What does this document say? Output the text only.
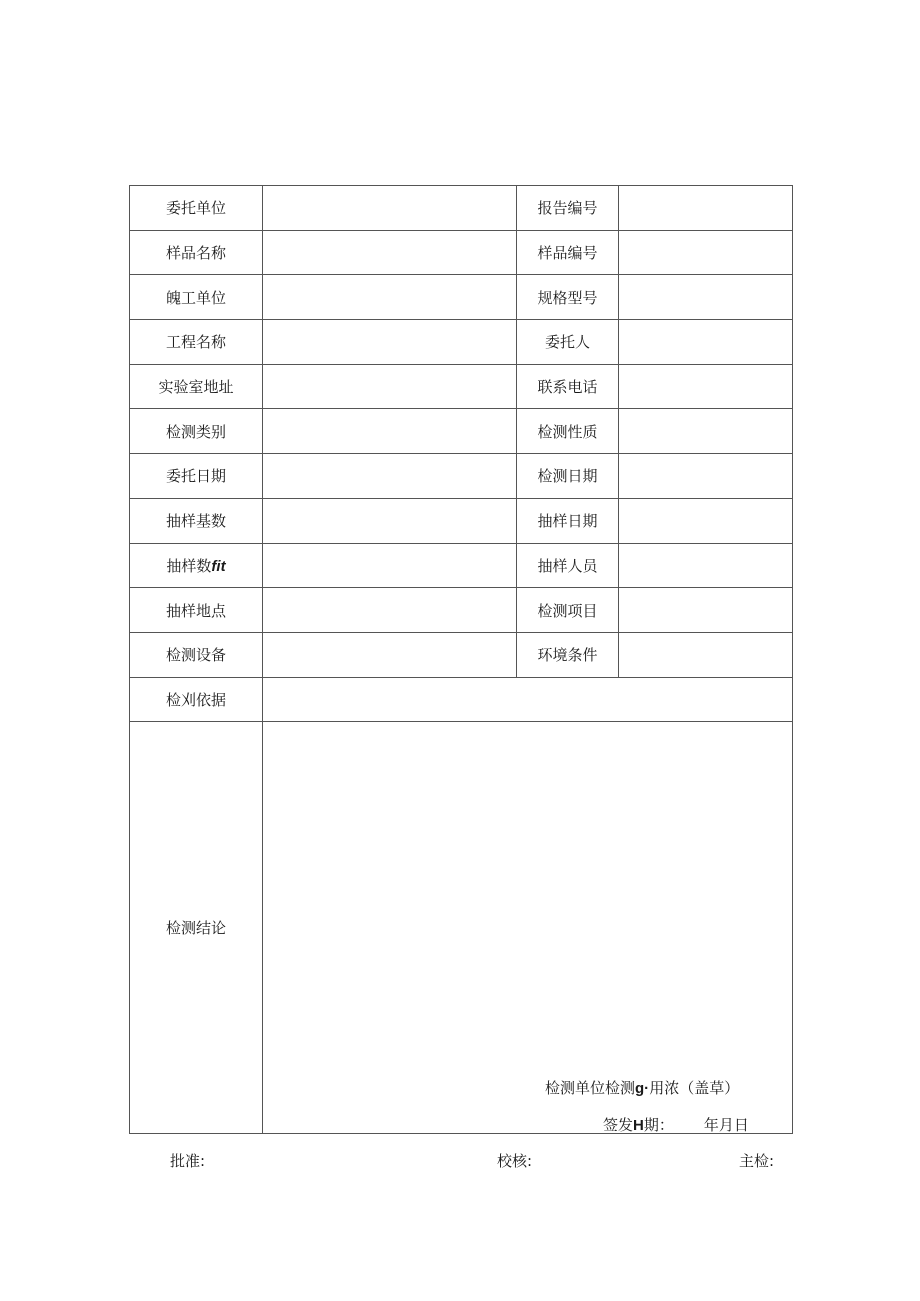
委托单位		报告编号	
样品名称		样品编号	
魄工单位		规格型号	
工程名称		委托人	
实验室地址		联系电话	
检测类别		检测性质	
委托日期		检测日期	
抽样基数		抽样日期	
抽样数fit		抽样人员	
抽样地点		检测项目	
检测设备		环境条件	
检刈依据			
检测结论	检测单位检测g·用浓（盖草）
签发H期： 年月日		
批准:	校核:	主检:
